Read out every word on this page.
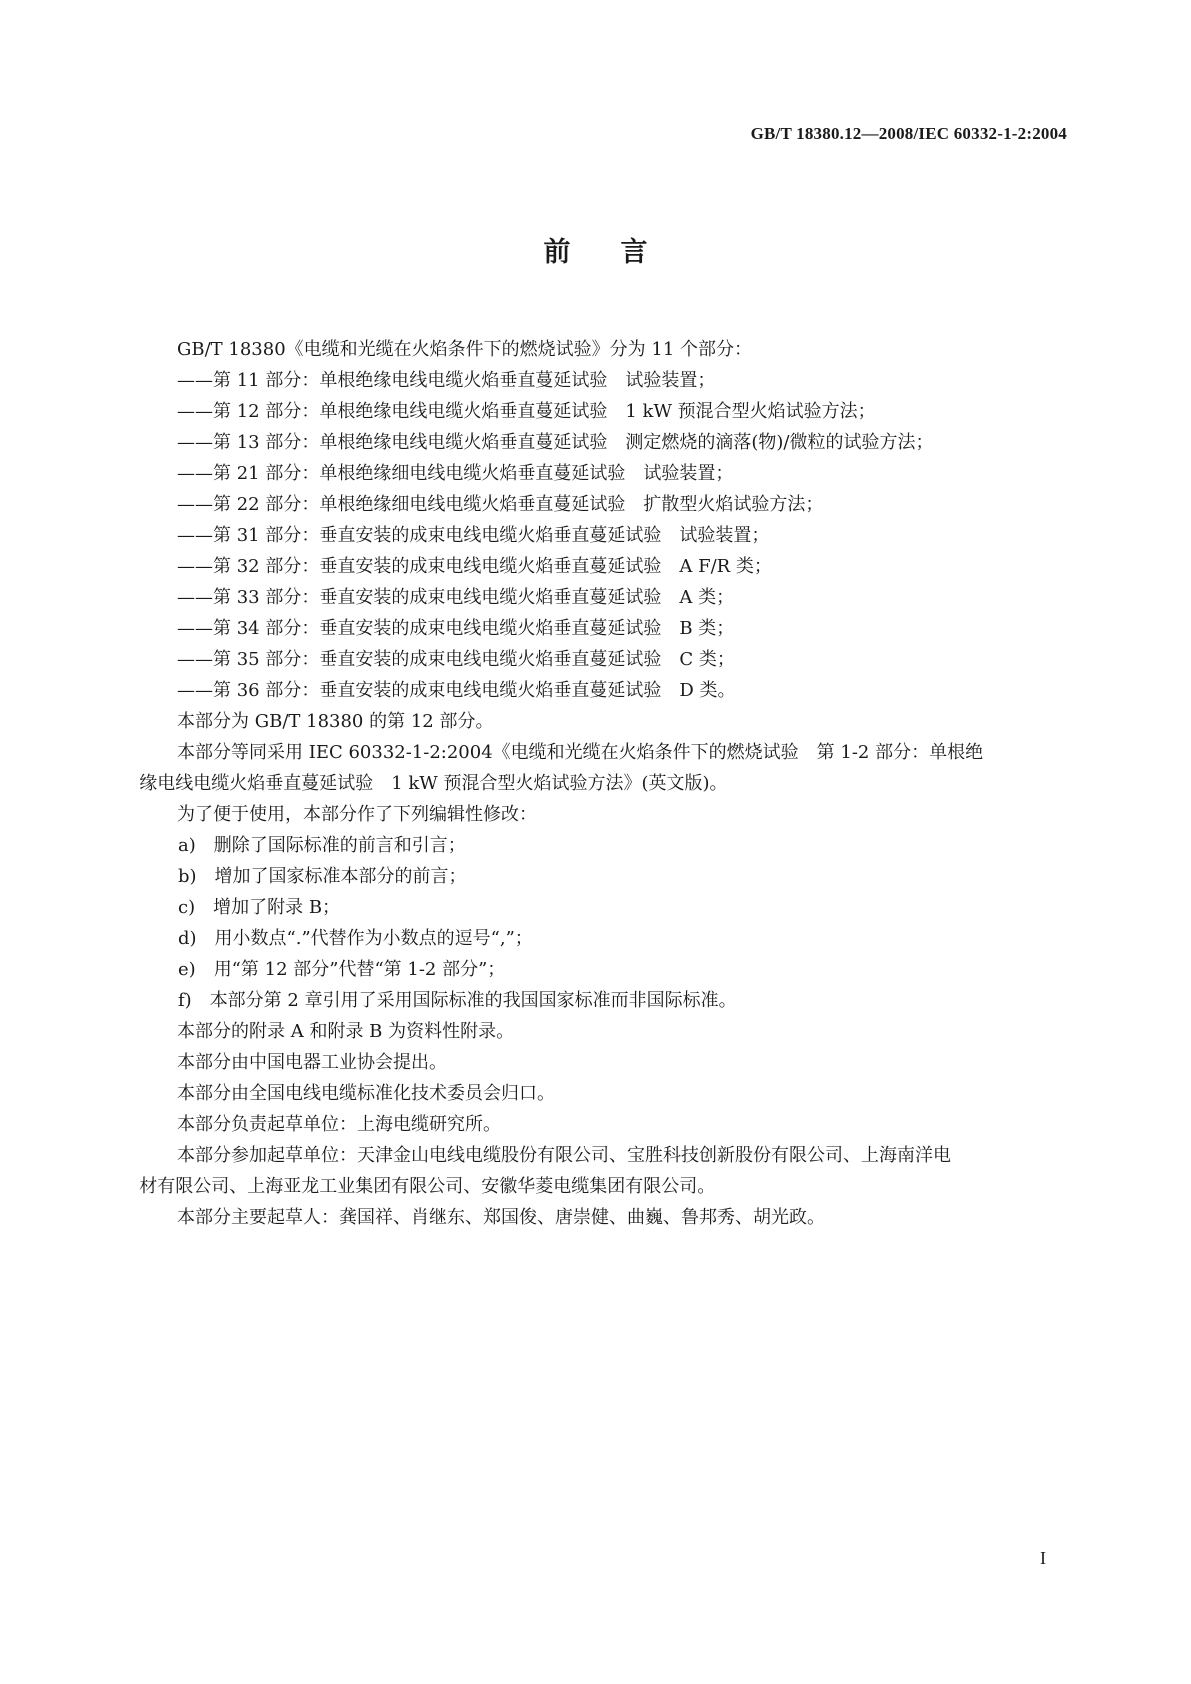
GB/T 18380.12—2008/IEC 60332-1-2:2004
前言
GB/T 18380《电缆和光缆在火焰条件下的燃烧试验》分为 11 个部分：
——第 11 部分：单根绝缘电线电缆火焰垂直蔓延试验 试验装置；
——第 12 部分：单根绝缘电线电缆火焰垂直蔓延试验 1 kW 预混合型火焰试验方法；
——第 13 部分：单根绝缘电线电缆火焰垂直蔓延试验 测定燃烧的滴落(物)/微粒的试验方法；
——第 21 部分：单根绝缘细电线电缆火焰垂直蔓延试验 试验装置；
——第 22 部分：单根绝缘细电线电缆火焰垂直蔓延试验 扩散型火焰试验方法；
——第 31 部分：垂直安装的成束电线电缆火焰垂直蔓延试验 试验装置；
——第 32 部分：垂直安装的成束电线电缆火焰垂直蔓延试验 A F/R 类；
——第 33 部分：垂直安装的成束电线电缆火焰垂直蔓延试验 A 类；
——第 34 部分：垂直安装的成束电线电缆火焰垂直蔓延试验 B 类；
——第 35 部分：垂直安装的成束电线电缆火焰垂直蔓延试验 C 类；
——第 36 部分：垂直安装的成束电线电缆火焰垂直蔓延试验 D 类。
本部分为 GB/T 18380 的第 12 部分。
本部分等同采用 IEC 60332-1-2:2004《电缆和光缆在火焰条件下的燃烧试验 第 1-2 部分：单根绝
缘电线电缆火焰垂直蔓延试验 1 kW 预混合型火焰试验方法》(英文版)。
为了便于使用，本部分作了下列编辑性修改：
a) 删除了国际标准的前言和引言；
b) 增加了国家标准本部分的前言；
c) 增加了附录 B；
d) 用小数点“.”代替作为小数点的逗号“,”；
e) 用“第 12 部分”代替“第 1-2 部分”；
f) 本部分第 2 章引用了采用国际标准的我国国家标准而非国际标准。
本部分的附录 A 和附录 B 为资料性附录。
本部分由中国电器工业协会提出。
本部分由全国电线电缆标准化技术委员会归口。
本部分负责起草单位：上海电缆研究所。
本部分参加起草单位：天津金山电线电缆股份有限公司、宝胜科技创新股份有限公司、上海南洋电
材有限公司、上海亚龙工业集团有限公司、安徽华菱电缆集团有限公司。
本部分主要起草人：龚国祥、肖继东、郑国俊、唐崇健、曲巍、鲁邦秀、胡光政。
I
